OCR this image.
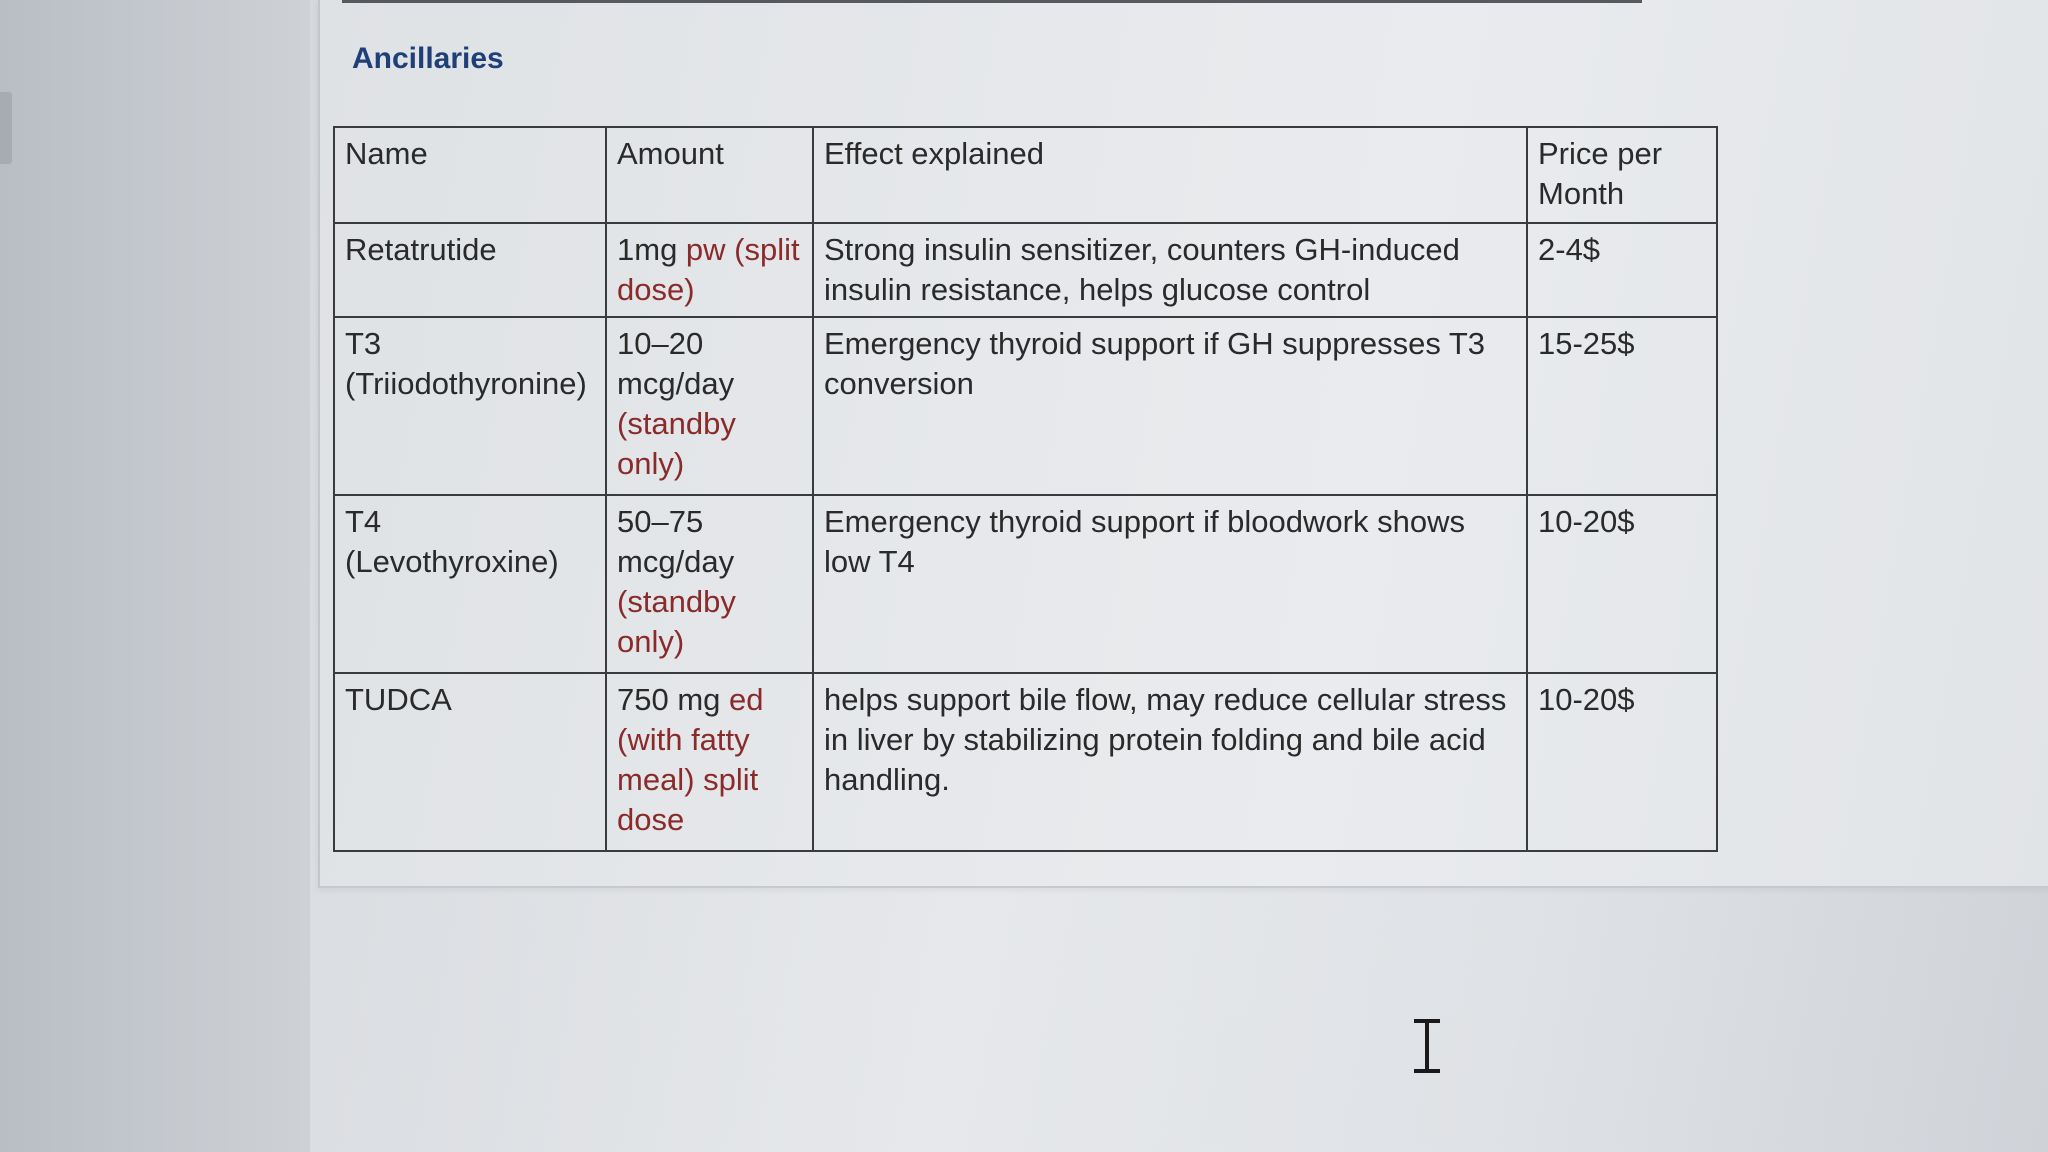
Ancillaries
Name	Amount	Effect explained	Price per Month
Retatrutide	1mg pw (split dose)	Strong insulin sensitizer, counters GH-induced insulin resistance, helps glucose control	2-4$
T3 (Triiodothyronine)	10–20 mcg/day (standby only)	Emergency thyroid support if GH suppresses T3 conversion	15-25$
T4 (Levothyroxine)	50–75 mcg/day (standby only)	Emergency thyroid support if bloodwork shows low T4	10-20$
TUDCA	750 mg ed (with fatty meal) split dose	helps support bile flow, may reduce cellular stress in liver by stabilizing protein folding and bile acid handling.	10-20$
